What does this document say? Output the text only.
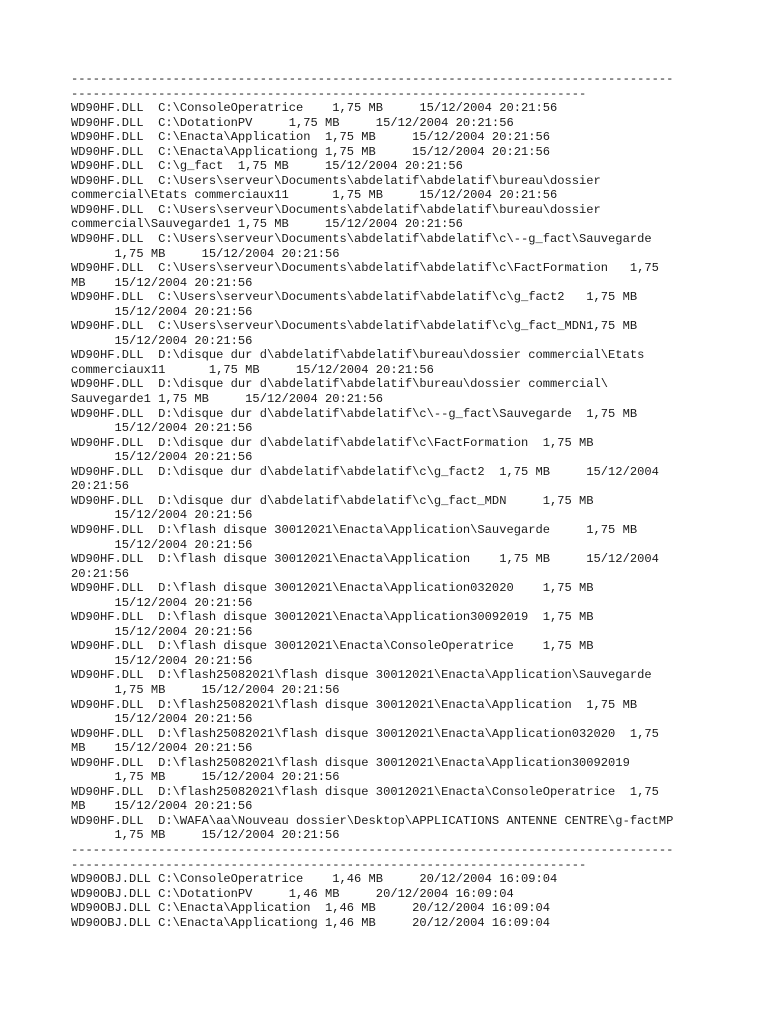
-----------------------------------------------------------------------------------
-----------------------------------------------------------------------
WD90HF.DLL  C:\ConsoleOperatrice    1,75 MB     15/12/2004 20:21:56
WD90HF.DLL  C:\DotationPV     1,75 MB     15/12/2004 20:21:56
WD90HF.DLL  C:\Enacta\Application  1,75 MB     15/12/2004 20:21:56
WD90HF.DLL  C:\Enacta\Applicationg 1,75 MB     15/12/2004 20:21:56
WD90HF.DLL  C:\g_fact  1,75 MB     15/12/2004 20:21:56
WD90HF.DLL  C:\Users\serveur\Documents\abdelatif\abdelatif\bureau\dossier
commercial\Etats commerciaux11      1,75 MB     15/12/2004 20:21:56
WD90HF.DLL  C:\Users\serveur\Documents\abdelatif\abdelatif\bureau\dossier
commercial\Sauvegarde1 1,75 MB     15/12/2004 20:21:56
WD90HF.DLL  C:\Users\serveur\Documents\abdelatif\abdelatif\c\--g_fact\Sauvegarde
1,75 MB     15/12/2004 20:21:56
WD90HF.DLL  C:\Users\serveur\Documents\abdelatif\abdelatif\c\FactFormation   1,75
MB    15/12/2004 20:21:56
WD90HF.DLL  C:\Users\serveur\Documents\abdelatif\abdelatif\c\g_fact2   1,75 MB
15/12/2004 20:21:56
WD90HF.DLL  C:\Users\serveur\Documents\abdelatif\abdelatif\c\g_fact_MDN1,75 MB
15/12/2004 20:21:56
WD90HF.DLL  D:\disque dur d\abdelatif\abdelatif\bureau\dossier commercial\Etats
commerciaux11      1,75 MB     15/12/2004 20:21:56
WD90HF.DLL  D:\disque dur d\abdelatif\abdelatif\bureau\dossier commercial\
Sauvegarde1 1,75 MB     15/12/2004 20:21:56
WD90HF.DLL  D:\disque dur d\abdelatif\abdelatif\c\--g_fact\Sauvegarde  1,75 MB
15/12/2004 20:21:56
WD90HF.DLL  D:\disque dur d\abdelatif\abdelatif\c\FactFormation  1,75 MB
15/12/2004 20:21:56
WD90HF.DLL  D:\disque dur d\abdelatif\abdelatif\c\g_fact2  1,75 MB     15/12/2004
20:21:56
WD90HF.DLL  D:\disque dur d\abdelatif\abdelatif\c\g_fact_MDN     1,75 MB
15/12/2004 20:21:56
WD90HF.DLL  D:\flash disque 30012021\Enacta\Application\Sauvegarde     1,75 MB
15/12/2004 20:21:56
WD90HF.DLL  D:\flash disque 30012021\Enacta\Application    1,75 MB     15/12/2004
20:21:56
WD90HF.DLL  D:\flash disque 30012021\Enacta\Application032020    1,75 MB
15/12/2004 20:21:56
WD90HF.DLL  D:\flash disque 30012021\Enacta\Application30092019  1,75 MB
15/12/2004 20:21:56
WD90HF.DLL  D:\flash disque 30012021\Enacta\ConsoleOperatrice    1,75 MB
15/12/2004 20:21:56
WD90HF.DLL  D:\flash25082021\flash disque 30012021\Enacta\Application\Sauvegarde
1,75 MB     15/12/2004 20:21:56
WD90HF.DLL  D:\flash25082021\flash disque 30012021\Enacta\Application  1,75 MB
15/12/2004 20:21:56
WD90HF.DLL  D:\flash25082021\flash disque 30012021\Enacta\Application032020  1,75
MB    15/12/2004 20:21:56
WD90HF.DLL  D:\flash25082021\flash disque 30012021\Enacta\Application30092019
1,75 MB     15/12/2004 20:21:56
WD90HF.DLL  D:\flash25082021\flash disque 30012021\Enacta\ConsoleOperatrice  1,75
MB    15/12/2004 20:21:56
WD90HF.DLL  D:\WAFA\aa\Nouveau dossier\Desktop\APPLICATIONS ANTENNE CENTRE\g-factMP
1,75 MB     15/12/2004 20:21:56
-----------------------------------------------------------------------------------
-----------------------------------------------------------------------
WD90OBJ.DLL C:\ConsoleOperatrice    1,46 MB     20/12/2004 16:09:04
WD90OBJ.DLL C:\DotationPV     1,46 MB     20/12/2004 16:09:04
WD90OBJ.DLL C:\Enacta\Application  1,46 MB     20/12/2004 16:09:04
WD90OBJ.DLL C:\Enacta\Applicationg 1,46 MB     20/12/2004 16:09:04
